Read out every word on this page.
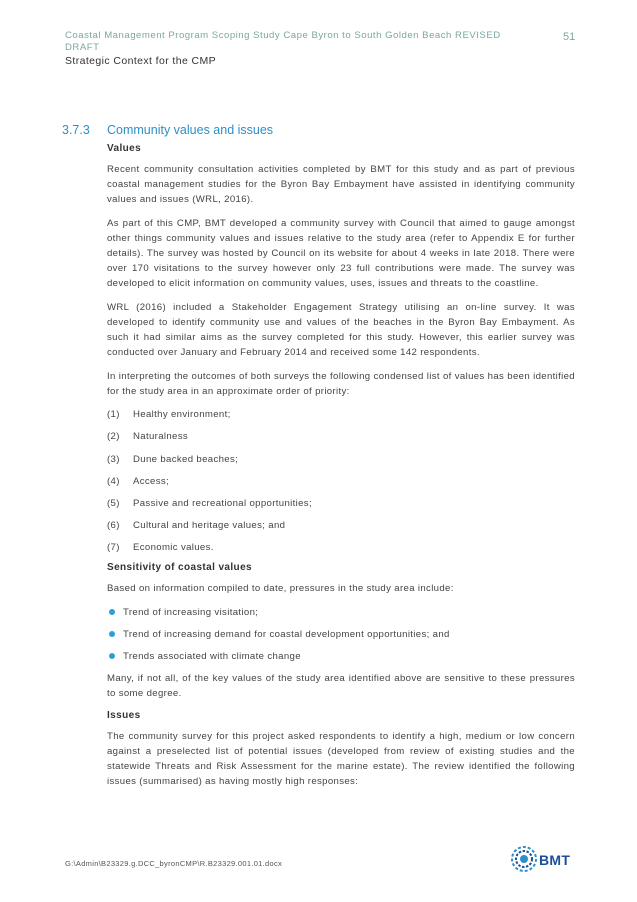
Coastal Management Program Scoping Study Cape Byron to South Golden Beach REVISED DRAFT
51
Strategic Context for the CMP
3.7.3	Community values and issues
Values

Recent community consultation activities completed by BMT for this study and as part of previous coastal management studies for the Byron Bay Embayment have assisted in identifying community values and issues (WRL, 2016).

As part of this CMP, BMT developed a community survey with Council that aimed to gauge amongst other things community values and issues relative to the study area (refer to Appendix E for further details). The survey was hosted by Council on its website for about 4 weeks in late 2018. There were over 170 visitations to the survey however only 23 full contributions were made. The survey was developed to elicit information on community values, uses, issues and threats to the coastline.

WRL (2016) included a Stakeholder Engagement Strategy utilising an on-line survey. It was developed to identify community use and values of the beaches in the Byron Bay Embayment. As such it had similar aims as the survey completed for this study. However, this earlier survey was conducted over January and February 2014 and received some 142 respondents.

In interpreting the outcomes of both surveys the following condensed list of values has been identified for the study area in an approximate order of priority:

(1)	Healthy environment;
(2)	Naturalness
(3)	Dune backed beaches;
(4)	Access;
(5)	Passive and recreational opportunities;
(6)	Cultural and heritage values; and
(7)	Economic values.
Sensitivity of coastal values

Based on information compiled to date, pressures in the study area include:

Trend of increasing visitation;
Trend of increasing demand for coastal development opportunities; and
Trends associated with climate change

Many, if not all, of the key values of the study area identified above are sensitive to these pressures to some degree.

Issues

The community survey for this project asked respondents to identify a high, medium or low concern against a preselected list of potential issues (developed from review of existing studies and the statewide Threats and Risk Assessment for the marine estate). The review identified the following issues (summarised) as having mostly high responses:

G:\Admin\B23329.g.DCC_byronCMP\R.B23329.001.01.docx	BMT
